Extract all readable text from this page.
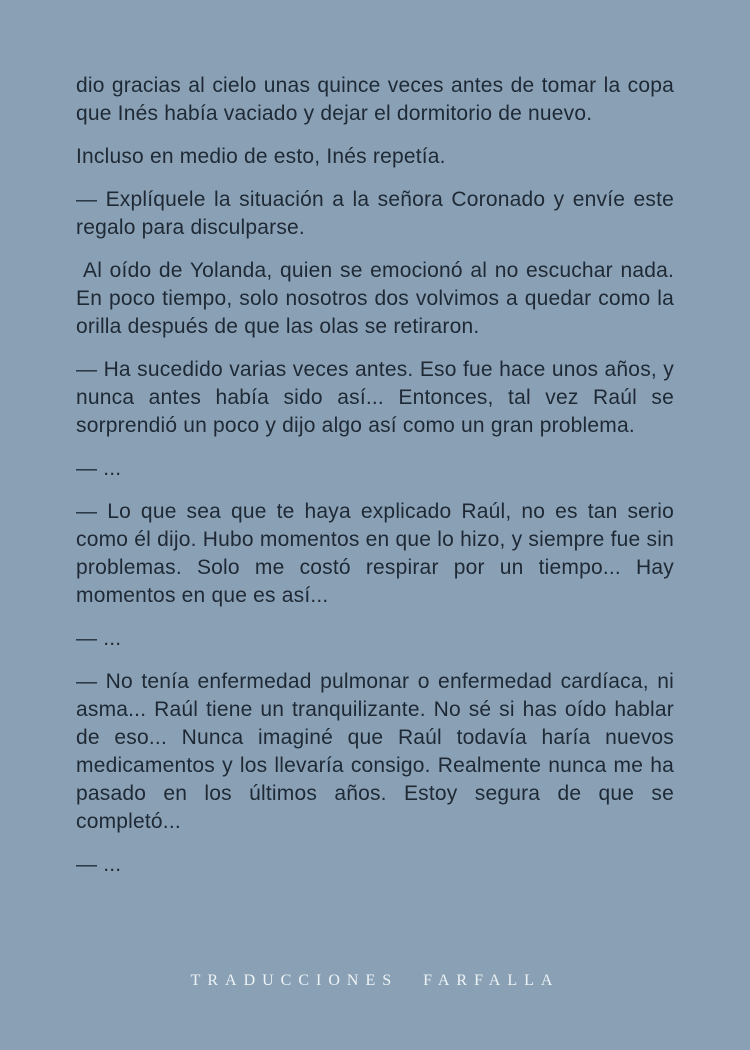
dio gracias al cielo unas quince veces antes de tomar la copa que Inés había vaciado y dejar el dormitorio de nuevo.

Incluso en medio de esto, Inés repetía.

— Explíquele la situación a la señora Coronado y envíe este regalo para disculparse.

Al oído de Yolanda, quien se emocionó al no escuchar nada. En poco tiempo, solo nosotros dos volvimos a quedar como la orilla después de que las olas se retiraron.

— Ha sucedido varias veces antes. Eso fue hace unos años, y nunca antes había sido así... Entonces, tal vez Raúl se sorprendió un poco y dijo algo así como un gran problema.

— ...

— Lo que sea que te haya explicado Raúl, no es tan serio como él dijo. Hubo momentos en que lo hizo, y siempre fue sin problemas. Solo me costó respirar por un tiempo... Hay momentos en que es así...

— ...

— No tenía enfermedad pulmonar o enfermedad cardíaca, ni asma... Raúl tiene un tranquilizante. No sé si has oído hablar de eso... Nunca imaginé que Raúl todavía haría nuevos medicamentos y los llevaría consigo. Realmente nunca me ha pasado en los últimos años. Estoy segura de que se completó...

— ...

TRADUCCIONES FARFALLA
